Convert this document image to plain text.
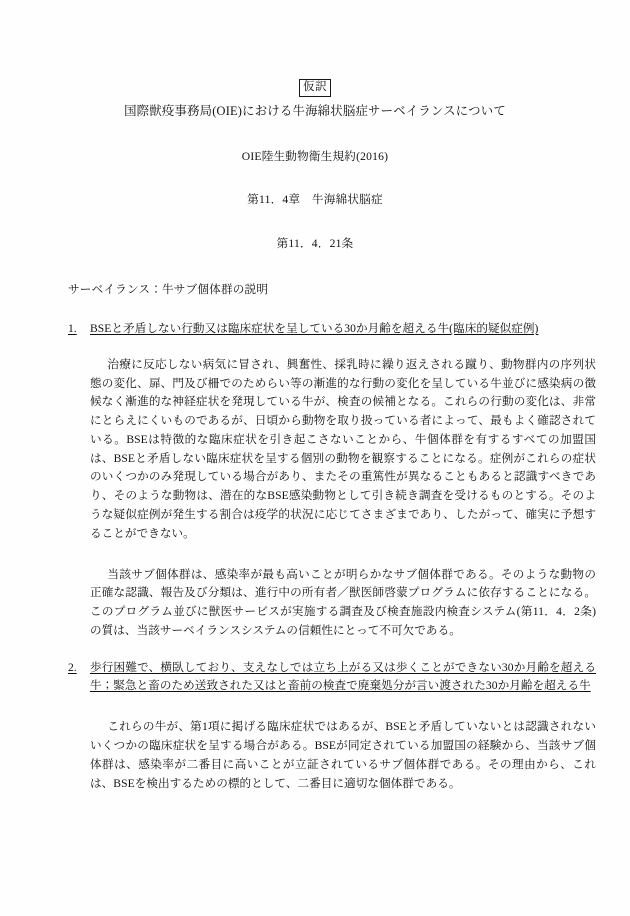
仮訳
国際獣疫事務局(OIE)における牛海綿状脳症サーベイランスについて
OIE陸生動物衛生規約(2016)
第11．4章　牛海綿状脳症
第11．4．21条
サーベイランス：牛サブ個体群の説明
1.	BSEと矛盾しない行動又は臨床症状を呈している30か月齢を超える牛(臨床的疑似症例)

治療に反応しない病気に冒され、興奮性、採乳時に繰り返えされる蹴り、動物群内の序列状態の変化、扉、門及び柵でのためらい等の漸進的な行動の変化を呈している牛並びに感染病の徴候なく漸進的な神経症状を発現している牛が、検査の候補となる。これらの行動の変化は、非常にとらえにくいものであるが、日頃から動物を取り扱っている者によって、最もよく確認されている。BSEは特徴的な臨床症状を引き起こさないことから、牛個体群を有するすべての加盟国は、BSEと矛盾しない臨床症状を呈する個別の動物を観察することになる。症例がこれらの症状のいくつかのみ発現している場合があり、またその重篤性が異なることもあると認識すべきであり、そのような動物は、潜在的なBSE感染動物として引き続き調査を受けるものとする。そのような疑似症例が発生する割合は疫学的状況に応じてさまざまであり、したがって、確実に予想することができない。

当該サブ個体群は、感染率が最も高いことが明らかなサブ個体群である。そのような動物の正確な認識、報告及び分類は、進行中の所有者／獣医師啓蒙プログラムに依存することになる。このプログラム並びに獣医サービスが実施する調査及び検査施設内検査システム(第11．4．2条)の質は、当該サーベイランスシステムの信頼性にとって不可欠である。

2.	歩行困難で、横臥しており、支えなしでは立ち上がる又は歩くことができない30か月齢を超える牛；緊急と畜のため送致された又はと畜前の検査で廃棄処分が言い渡された30か月齢を超える牛

これらの牛が、第1項に掲げる臨床症状ではあるが、BSEと矛盾していないとは認識されないいくつかの臨床症状を呈する場合がある。BSEが同定されている加盟国の経験から、当該サブ個体群は、感染率が二番目に高いことが立証されているサブ個体群である。その理由から、これは、BSEを検出するための標的として、二番目に適切な個体群である。
